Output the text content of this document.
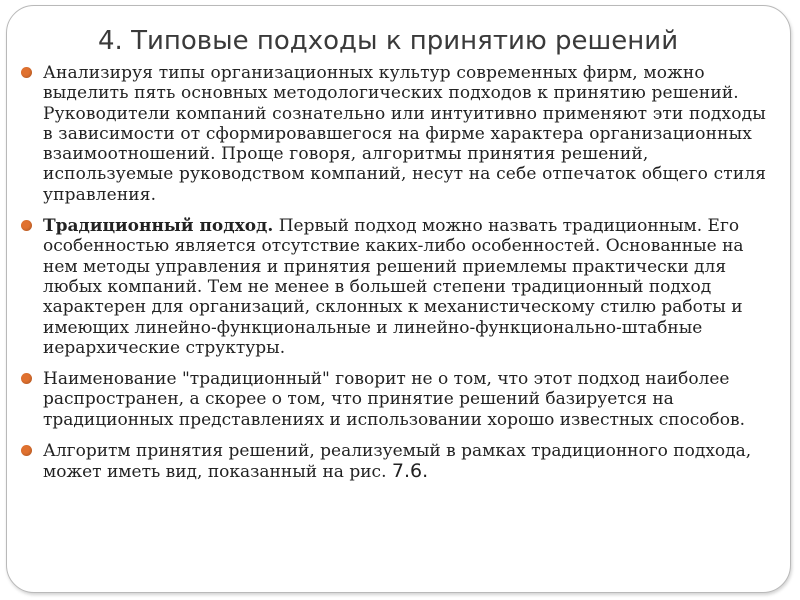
4. Типовые подходы к принятию решений
Анализируя типы организационных культур современных фирм, можно выделить пять основных методологических подходов к принятию решений. Руководители компаний сознательно или интуитивно применяют эти подходы в зависимости от сформировавшегося на фирме характера организационных взаимоотношений. Проще говоря, алгоритмы принятия решений, используемые руководством компаний, несут на себе отпечаток общего стиля управления.
Традиционный подход. Первый подход можно назвать традиционным. Его особенностью является отсутствие каких-либо особенностей. Основанные на нем методы управления и принятия решений приемлемы практически для любых компаний. Тем не менее в большей степени традиционный подход характерен для организаций, склонных к механистическому стилю работы и имеющих линейно-функциональные и линейно-функционально-штабные иерархические структуры.
Наименование "традиционный" говорит не о том, что этот подход наиболее распространен, а скорее о том, что принятие решений базируется на традиционных представлениях и использовании хорошо известных способов.
Алгоритм принятия решений, реализуемый в рамках традиционного подхода, может иметь вид, показанный на рис. 7.6.
